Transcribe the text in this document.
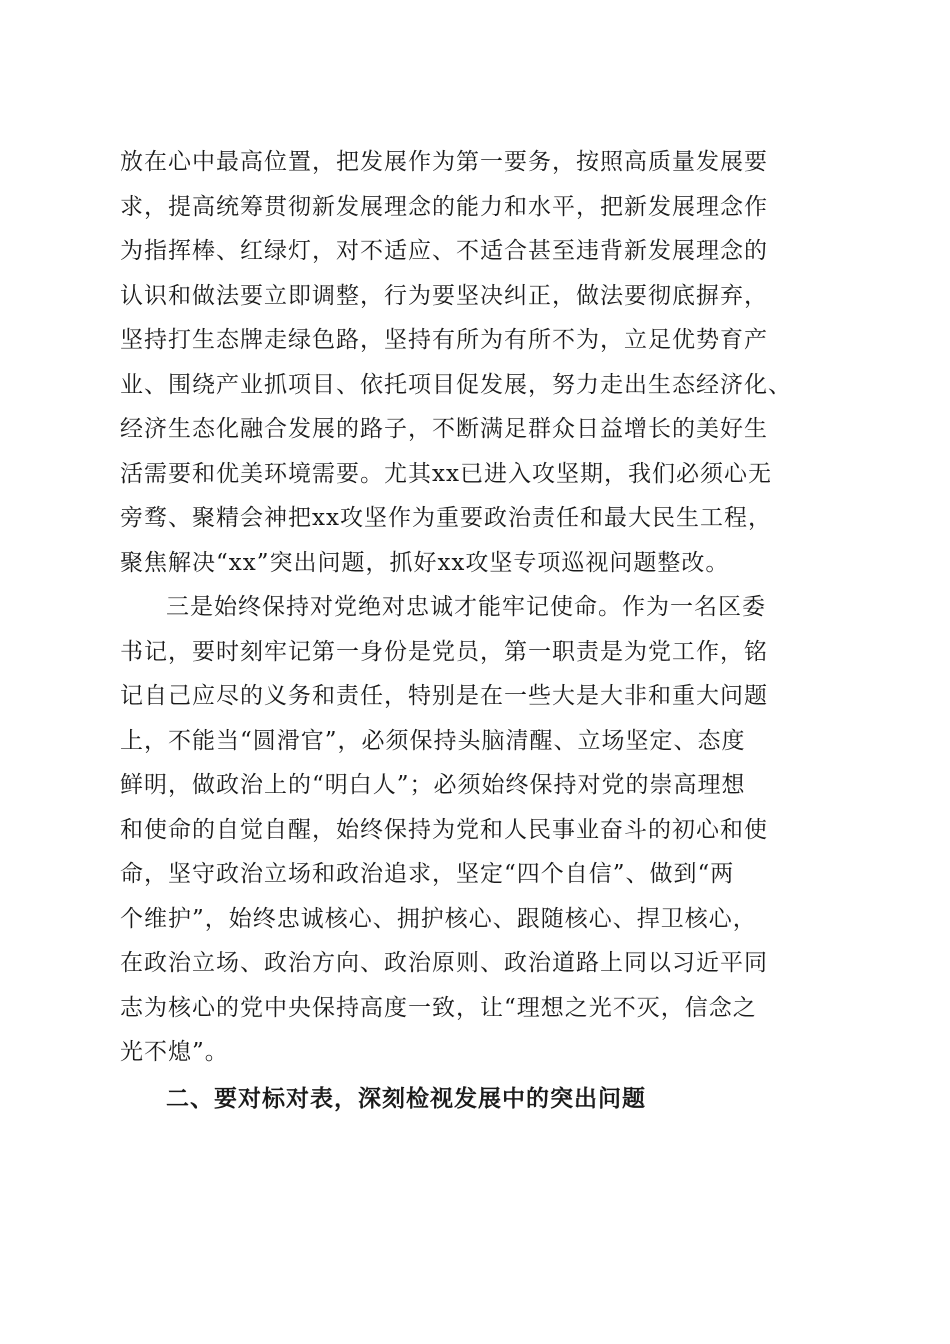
放在心中最高位置，把发展作为第一要务，按照高质量发展要
求，提高统筹贯彻新发展理念的能力和水平，把新发展理念作
为指挥棒、红绿灯，对不适应、不适合甚至违背新发展理念的
认识和做法要立即调整，行为要坚决纠正，做法要彻底摒弃，
坚持打生态牌走绿色路，坚持有所为有所不为，立足优势育产
业、围绕产业抓项目、依托项目促发展，努力走出生态经济化、
经济生态化融合发展的路子，不断满足群众日益增长的美好生
活需要和优美环境需要。尤其xx已进入攻坚期，我们必须心无
旁骛、聚精会神把xx攻坚作为重要政治责任和最大民生工程，
聚焦解决“xx”突出问题，抓好xx攻坚专项巡视问题整改。
三是始终保持对党绝对忠诚才能牢记使命。作为一名区委
书记，要时刻牢记第一身份是党员，第一职责是为党工作，铭
记自己应尽的义务和责任，特别是在一些大是大非和重大问题
上，不能当“圆滑官”，必须保持头脑清醒、立场坚定、态度
鲜明，做政治上的“明白人”；必须始终保持对党的崇高理想
和使命的自觉自醒，始终保持为党和人民事业奋斗的初心和使
命，坚守政治立场和政治追求，坚定“四个自信”、做到“两
个维护”，始终忠诚核心、拥护核心、跟随核心、捍卫核心，
在政治立场、政治方向、政治原则、政治道路上同以习近平同
志为核心的党中央保持高度一致，让“理想之光不灭，信念之
光不熄”。
二、要对标对表，深刻检视发展中的突出问题
